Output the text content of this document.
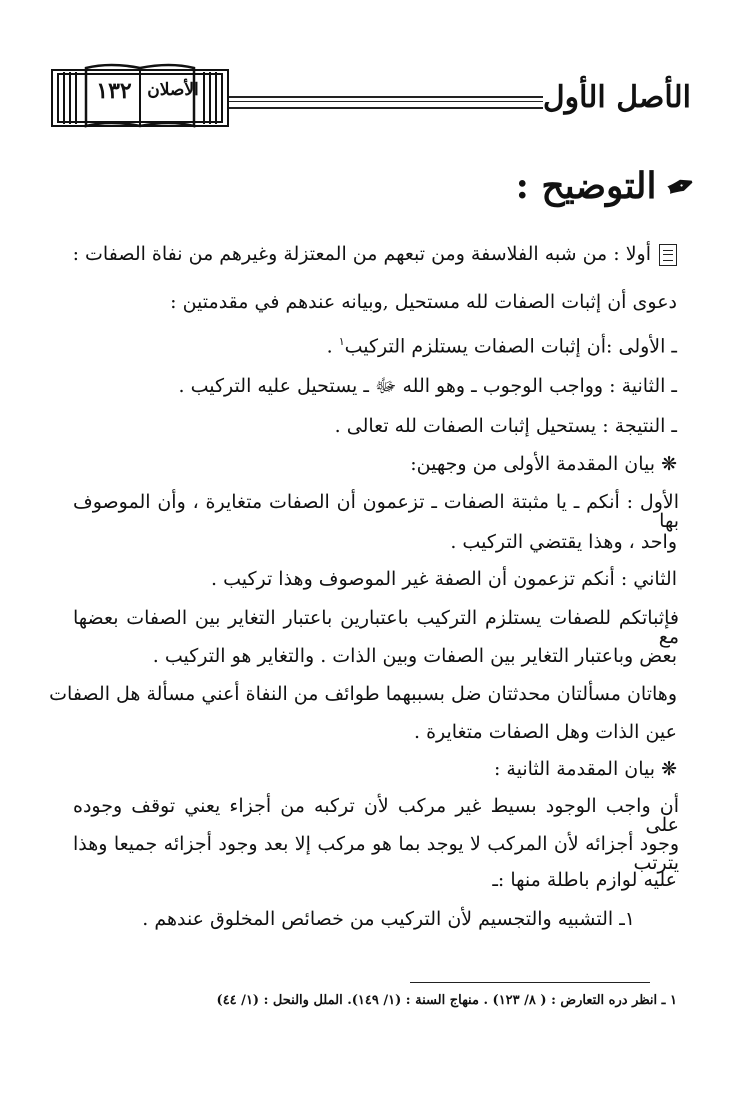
الأصل الأول
١٣٢ الأصلان
✒التوضيح :
أولا : من شبه الفلاسفة ومن تبعهم من المعتزلة وغيرهم من نفاة الصفات :
دعوى أن إثبات الصفات لله مستحيل ,وبيانه عندهم في مقدمتين :
ـ الأولى :أن إثبات الصفات يستلزم التركيب$^١$ .
ـ الثانية : وواجب الوجوب ـ وهو الله ﷻ ـ يستحيل عليه التركيب .
ـ النتيجة : يستحيل إثبات الصفات لله تعالى .
❋ بيان المقدمة الأولى من وجهين:
الأول : أنكم ـ يا مثبتة الصفات ـ تزعمون أن الصفات متغايرة ، وأن الموصوف بها
واحد ، وهذا يقتضي التركيب .
الثاني : أنكم تزعمون أن الصفة غير الموصوف وهذا تركيب .
فإثباتكم للصفات يستلزم التركيب باعتبارين باعتبار التغاير بين الصفات بعضها مع
بعض وباعتبار التغاير بين الصفات وبين الذات . والتغاير هو التركيب .
وهاتان مسألتان محدثتان ضل بسببهما طوائف من النفاة أعني مسألة هل الصفات
عين الذات وهل الصفات متغايرة .
❋ بيان المقدمة الثانية :
أن واجب الوجود بسيط غير مركب لأن تركبه من أجزاء يعني توقف وجوده على
وجود أجزائه لأن المركب لا يوجد بما هو مركب إلا بعد وجود أجزائه جميعا وهذا يترتب
عليه لوازم باطلة منها :ـ
١ـ التشبيه والتجسيم لأن التركيب من خصائص المخلوق عندهم .
١ ـ انظر دره التعارض : ( ٨/ ١٢٣) . منهاج السنة : (١/ ١٤٩). الملل والنحل : (١/ ٤٤)
